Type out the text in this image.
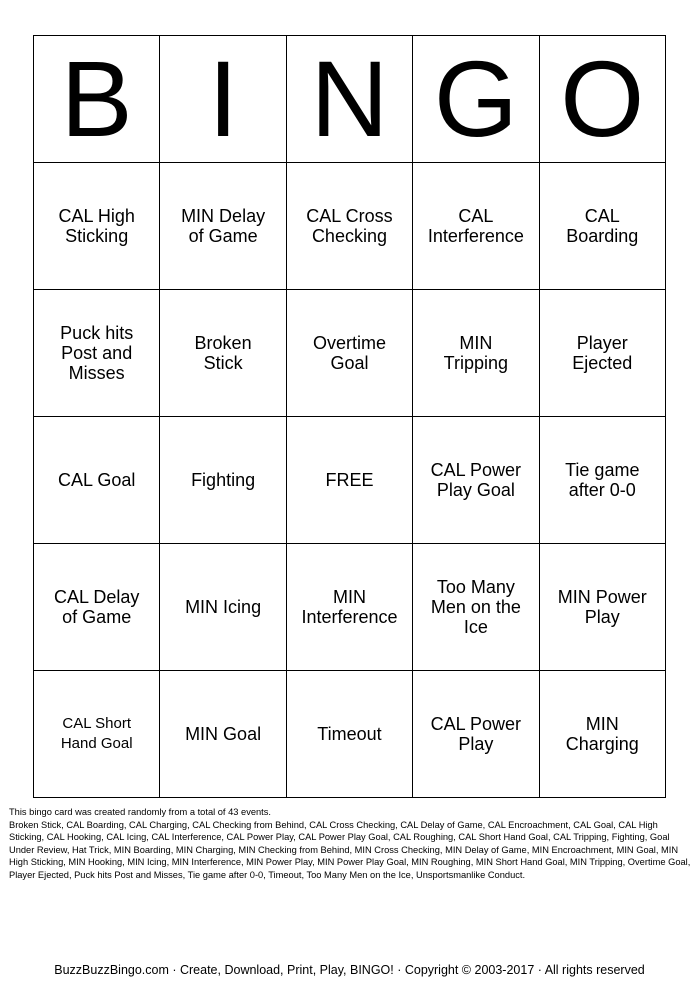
B	I	N	G	O
CAL High Sticking	MIN Delay of Game	CAL Cross Checking	CAL Interference	CAL Boarding
Puck hits Post and Misses	Broken Stick	Overtime Goal	MIN Tripping	Player Ejected
CAL Goal	Fighting	FREE	CAL Power Play Goal	Tie game after 0-0
CAL Delay of Game	MIN Icing	MIN Interference	Too Many Men on the Ice	MIN Power Play
CAL Short Hand Goal	MIN Goal	Timeout	CAL Power Play	MIN Charging

This bingo card was created randomly from a total of 43 events.

Broken Stick, CAL Boarding, CAL Charging, CAL Checking from Behind, CAL Cross Checking, CAL Delay of Game, CAL Encroachment, CAL Goal, CAL High Sticking, CAL Hooking, CAL Icing, CAL Interference, CAL Power Play, CAL Power Play Goal, CAL Roughing, CAL Short Hand Goal, CAL Tripping, Fighting, Goal Under Review, Hat Trick, MIN Boarding, MIN Charging, MIN Checking from Behind, MIN Cross Checking, MIN Delay of Game, MIN Encroachment, MIN Goal, MIN High Sticking, MIN Hooking, MIN Icing, MIN Interference, MIN Power Play, MIN Power Play Goal, MIN Roughing, MIN Short Hand Goal, MIN Tripping, Overtime Goal, Player Ejected, Puck hits Post and Misses, Tie game after 0-0, Timeout, Too Many Men on the Ice, Unsportsmanlike Conduct.

BuzzBuzzBingo.com · Create, Download, Print, Play, BINGO! · Copyright © 2003-2017 · All rights reserved
